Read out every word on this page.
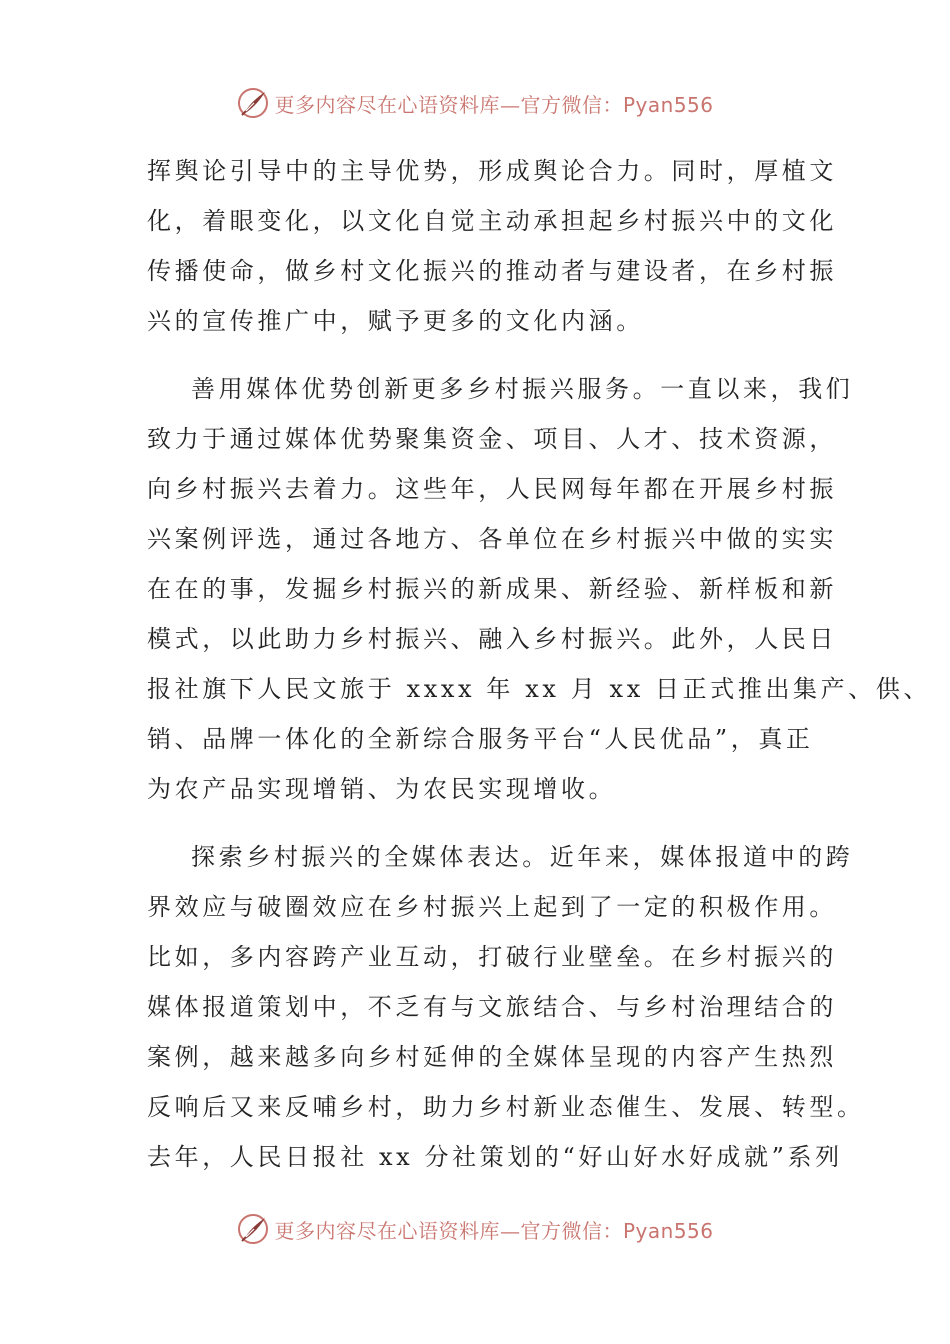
更多内容尽在心语资料库—官方微信：Pyan556
挥舆论引导中的主导优势，形成舆论合力。同时，厚植文
化，着眼变化，以文化自觉主动承担起乡村振兴中的文化
传播使命，做乡村文化振兴的推动者与建设者，在乡村振
兴的宣传推广中，赋予更多的文化内涵。
善用媒体优势创新更多乡村振兴服务。一直以来，我们
致力于通过媒体优势聚集资金、项目、人才、技术资源，
向乡村振兴去着力。这些年，人民网每年都在开展乡村振
兴案例评选，通过各地方、各单位在乡村振兴中做的实实
在在的事，发掘乡村振兴的新成果、新经验、新样板和新
模式，以此助力乡村振兴、融入乡村振兴。此外，人民日
报社旗下人民文旅于 xxxx 年 xx 月 xx 日正式推出集产、供、
销、品牌一体化的全新综合服务平台“人民优品”，真正
为农产品实现增销、为农民实现增收。
探索乡村振兴的全媒体表达。近年来，媒体报道中的跨
界效应与破圈效应在乡村振兴上起到了一定的积极作用。
比如，多内容跨产业互动，打破行业壁垒。在乡村振兴的
媒体报道策划中，不乏有与文旅结合、与乡村治理结合的
案例，越来越多向乡村延伸的全媒体呈现的内容产生热烈
反响后又来反哺乡村，助力乡村新业态催生、发展、转型。
去年，人民日报社 xx 分社策划的“好山好水好成就”系列
更多内容尽在心语资料库—官方微信：Pyan556
